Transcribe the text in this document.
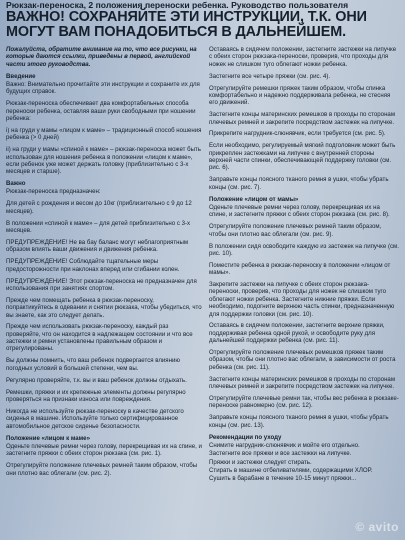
Рюкзак-переноска, 2 положения переноски ребенка. Руководство пользователя
ВАЖНО! СОХРАНЯЙТЕ ЭТИ ИНСТРУКЦИИ, Т.К. ОНИ МОГУТ ВАМ ПОНАДОБИТЬСЯ В ДАЛЬНЕЙШЕМ.

Пожалуйста, обратите внимание на то, что все рисунки, на которые даются ссылки, приведены в первой, английской части этого руководства.

Введение

Важно: Внимательно прочитайте эти инструкции и сохраните их для будущих справок.

Рюкзак-переноска обеспечивает два комфортабельных способа переноски ребенка, оставляя ваши руки свободными при ношении ребенка:

i) на груди у мамы «лицом к маме» – традиционный способ ношения ребенка (> 0 дней)

ii) на груди у мамы «спиной к маме» – рюкзак-переноска может быть использован для ношения ребенка в положении «лицом к маме», если ребенок уже может держать головку (приблизительно с 3-х месяцев и старше).

Важно

Рюкзак-переноска предназначен:

Для детей с рождения и весом до 10кг (приблизительно с 9 до 12 месяцев).

В положении «спиной к маме» – для детей приблизительно с 3-х месяцев.

ПРЕДУПРЕЖДЕНИЕ! Не ва бaу балaнс могут неблагоприятным образом влиять ваши движения и движения ребенка.

ПРЕДУПРЕЖДЕНИЕ! Соблюдайте тщательные меры предосторожности при наклонах вперед или сгибании колен.

ПРЕДУПРЕЖДЕНИЕ! Этот рюкзак-переноска не предназначен для использования при занятиях спортом.

Прежде чем помещать ребенка в рюкзак-переноску, попрактикуйтесь в одевании и снятии рюкзака, чтобы убедиться, что вы знаете, как это следует делать.

Прежде чем использовать рюкзак-переноску, каждый раз проверяйте, что он находится в надлежащем состоянии и что все застежки и ремни установлены правильным образом и отрегулированы.

Вы должны помнить, что ваш ребенок подвергается влиянию погодных условий в большей степени, чем вы.

Регулярно проверяйте, т.к. вы и ваш ребенок должны отдыхать.

Ремешки, пряжки и их крепежные элементы должны регулярно проверяться на признаки износа или повреждения.

Никогда не используйте рюкзак-переноску в качестве детского сиденья в машине. Используйте только сертифицированное автомобильное детское сиденье безопасности.

Положение «лицом к маме»

Оденьте плечевые ремни через голову, перекрещивая их на спине, и застегните пряжки с обеих сторон рюкзака (см. рис. 1).

Отрегулируйте положение плечевых ремней таким образом, чтобы они плотно вас облегали (см. рис. 2).

Оставаясь в сидячем положении, застегните застежки на липучке с обеих сторон рюкзака-переноски, проверив, что проходы для ножек не слишком туго облегают ножки ребенка.

Застегните все четыре пряжки (см. рис. 4).

Отрегулируйте ремешки пряжек таким образом, чтобы спинка комфортабельно и надежно поддерживала ребенка, не стесняя его движений.

Застегните концы материнских ремешков в проходы по сторонам плечевых ремней и закрепите посредством застежек на липучке.

Прикрепите нагрудник-слюнявчик, если требуется (см. рис. 5).

Если необходимо, регулируемый мягкий подголовник может быть прикреплен застежками на липучке с внутренней стороны верхней части спинки, обеспечивающей поддержку головки (см. рис. 6).

Заправьте концы поясного тканого ремня в ушки, чтобы убрать концы (см. рис. 7).

Положение «лицом от мамы»

Оденьте плечевые ремни через голову, перекрещивая их на спине, и застегните пряжки с обеих сторон рюкзака (см. рис. 8).

Отрегулируйте положение плечевых ремней таким образом, чтобы они плотно вас облегали (см. рис. 9).

В положении сидя освободите каждую из застежек на липучке (см. рис. 10).

Поместите ребенка в рюкзак-переноску в положении «лицом от мамы».

Закрепите застежки на липучке с обеих сторон рюкзака-переноски, проверив, что проходы для ножек не слишком туго облегают ножки ребенка. Застегните нижние пряжки. Если необходимо, подогните верхнюю часть спинки, предназначенную для поддержки головки (см. рис. 10).

Оставаясь в сидячем положении, застегните верхние пряжки, поддерживая ребенка одной рукой, и освободите руку для дальнейшей поддержки ребенка (см. рис. 11).

Отрегулируйте положение плечевых ремешков пряжек таким образом, чтобы они плотно вас облегали, в зависимости от роста ребенка (см. рис. 11).

Застегните концы материнских ремешков в проходы по сторонам плечевых ремней и закрепите посредством застежек на липучке.

Отрегулируйте плечевые ремни так, чтобы вес ребенка в рюкзаке-переноске равномерно (см. рис. 12).

Заправьте концы поясного тканого ремня в ушки, чтобы убрать концы (см. рис. 13).

Рекомендации по уходу
Снимите нагрудник-слюнявчик и мойте его отдельно.
Застегните все пряжки и все застежки на липучке.
Пряжки и застежки следует стирать.
Стирать в машине отбеливателями, содержащими ХЛОР.
Сушить в барабане в течение 10-15 минут пряжки...
© avito
